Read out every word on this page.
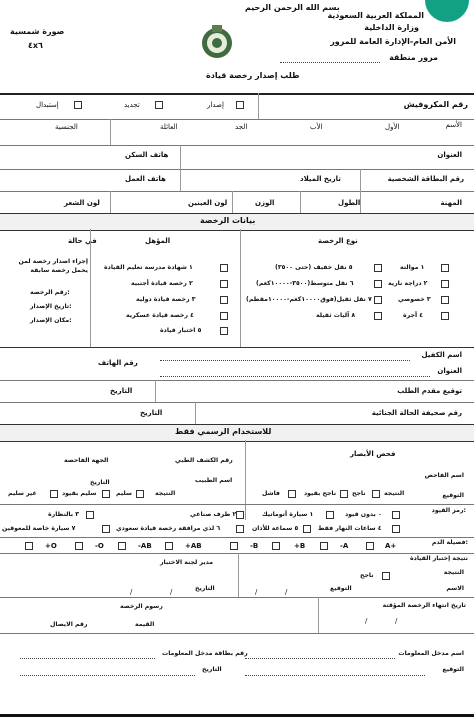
بسم الله الرحمن الرحيم
المملكة العربية السعودية
وزارة الداخلية
الأمن العام-الإدارة العامة للمرور
مرور منطقة
صورة شمسية
٤x٦
طلب إصدار رخصة قيادة
رقم المكروفيش
إصدار
تجديد
إستبدال
الأسم
الأول
الأب
الجد
العائلة
الجنسية
العنوان
هاتف السكن
رقم البطاقة الشخصية
تاريخ الميلاد
هاتف العمل
المهنة
الطول
الوزن
لون العينين
لون الشعر
بيانات الرخصة
نوع الرخصة
المؤهل
في حالة
١ موالتة
٢ دراجة نارية
٣ خصوصي
٤ أجرة
٥ نقل خفيف (حتى ٣٥٠٠)
٦ نقل متوسط(٣٥٠٠-١٠٠٠٠كغم)
٧ نقل ثقيل(فوق١٠٠٠٠كغم-١٠٠٠٠مقطم)
٨ آليات ثقيلة
١ شهادة مدرسة تعليم القيادة
٢ رخصة قيادة أجنبية
٣ رخصة قيادة دولية
٤ رخصة قيادة عسكرية
٥ اختبار قيادة
إجراء اصدار رخصة لمن يحمل رخصة سابقة
رقم الرخصة:
تاريخ الإصدار:
مكان الإصدار:
اسم الكفيل
رقم الهاتف
العنوان
توقيع مقدم الطلب
التاريخ
رقم صحيفة الحالة الجنائية
التاريخ
للاستخدام الرسمي فقط
فحص الأبصار
رقم الكشف الطبي
الجهة الفاحصة
اسم الفاحص
اسم الطبيب
التاريخ
التوقيع
النتيجة
ناجح
ناجح بقيود
فاشل
النتيجة
سليم
سليم بقيود
غير سليم
رمز القيود:
٠ بدون قيود
١ سيارة أتوماتيك
٢ طرف صناعي
٣ بالنظارة
٤ ساعات النهار فقط
٥ سماعة للأذان
٦ لذي مرافقة رخصة قيادة سعودي
٧ سيارة خاصة للمعوقين
فصيلة الدم:
A+
-A
+B
-B
+AB
-AB
-O
+O
نتيجة إختبار القيادة
مدير لجنة الاختبار
النتيجة
ناجح
الاسم
التوقيع
التاريخ
/
/	/
/
تاريخ انتهاء الرخصة المؤقتة
رسوم الرخصة
القيمة
رقم الايصال	/
/
اسم مدخل المعلومات
رقم بطاقة مدخل المعلومات
التوقيع
التاريخ
